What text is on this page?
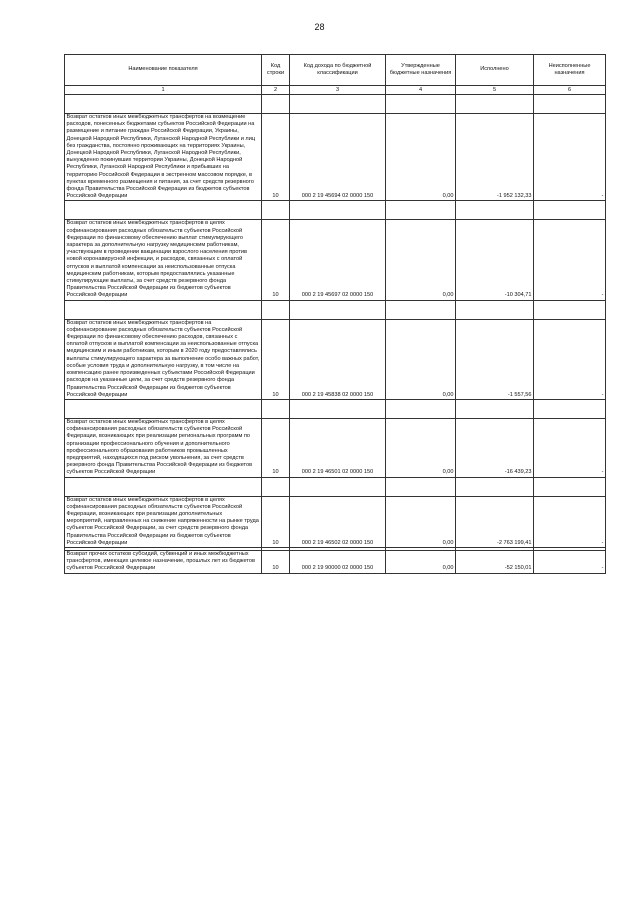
28
Наименование показателя	Код строки	Код дохода по бюджетной классификации	Утвержденные бюджетные назначения	Исполнено	Неисполненные назначения
1	2	3	4	5	6

Возврат остатков иных межбюджетных трансфертов на возмещение расходов, понесенных бюджетами субъектов Российской Федерации на размещение и питание граждан Российской Федерации, Украины, Донецкой Народной Республики, Луганской Народной Республики и лиц без гражданства, постоянно проживающих на территориях Украины, Донецкой Народной Республики, Луганской Народной Республики, вынужденно покинувших территории Украины, Донецкой Народной Республики, Луганской Народной Республики и прибывших на территорию Российской Федерации в экстренном массовом порядке, в пунктах временного размещения и питания, за счет средств резервного фонда Правительства Российской Федерации из бюджетов субъектов Российской Федерации	10	000 2 19 45694 02 0000 150	0,00	-1 952 132,33	-

Возврат остатков иных межбюджетных трансфертов в целях софинансирования расходных обязательств субъектов Российской Федерации по финансовому обеспечению выплат стимулирующего характера за дополнительную нагрузку медицинским работникам, участвующим в проведении вакцинации взрослого населения против новой коронавирусной инфекции, и расходов, связанных с оплатой отпусков и выплатой компенсации за неиспользованные отпуска медицинским работникам, которым предоставлялись указанные стимулирующие выплаты, за счет средств резервного фонда Правительства Российской Федерации из бюджетов субъектов Российской Федерации	10	000 2 19 45697 02 0000 150	0,00	-10 304,71	-

Возврат остатков иных межбюджетных трансфертов на софинансирование расходных обязательств субъектов Российской Федерации по финансовому обеспечению расходов, связанных с оплатой отпусков и выплатой компенсации за неиспользованные отпуска медицинским и иным работникам, которым в 2020 году предоставлялись выплаты стимулирующего характера за выполнение особо важных работ, особые условия труда и дополнительную нагрузку, в том числе на компенсацию ранее произведенных субъектами Российской Федерации расходов на указанные цели, за счет средств резервного фонда Правительства Российской Федерации из бюджетов субъектов Российской Федерации	10	000 2 19 45838 02 0000 150	0,00	-1 557,56	-

Возврат остатков иных межбюджетных трансфертов в целях софинансирования расходных обязательств субъектов Российской Федерации, возникающих при реализации региональных программ по организации профессионального обучения и дополнительного профессионального образования работников промышленных предприятий, находящихся под риском увольнения, за счет средств резервного фонда Правительства Российской Федерации из бюджетов субъектов Российской Федерации	10	000 2 19 46501 02 0000 150	0,00	-16 439,23	-

Возврат остатков иных межбюджетных трансфертов в целях софинансирования расходных обязательств субъектов Российской Федерации, возникающих при реализации дополнительных мероприятий, направленных на снижение напряженности на рынке труда субъектов Российской Федерации, за счет средств резервного фонда Правительства Российской Федерации из бюджетов субъектов Российской Федерации	10	000 2 19 46502 02 0000 150	0,00	-2 763 199,41	-

Возврат прочих остатков субсидий, субвенций и иных межбюджетных трансфертов, имеющих целевое назначение, прошлых лет из бюджетов субъектов Российской Федерации	10	000 2 19 90000 02 0000 150	0,00	-52 150,01	-
